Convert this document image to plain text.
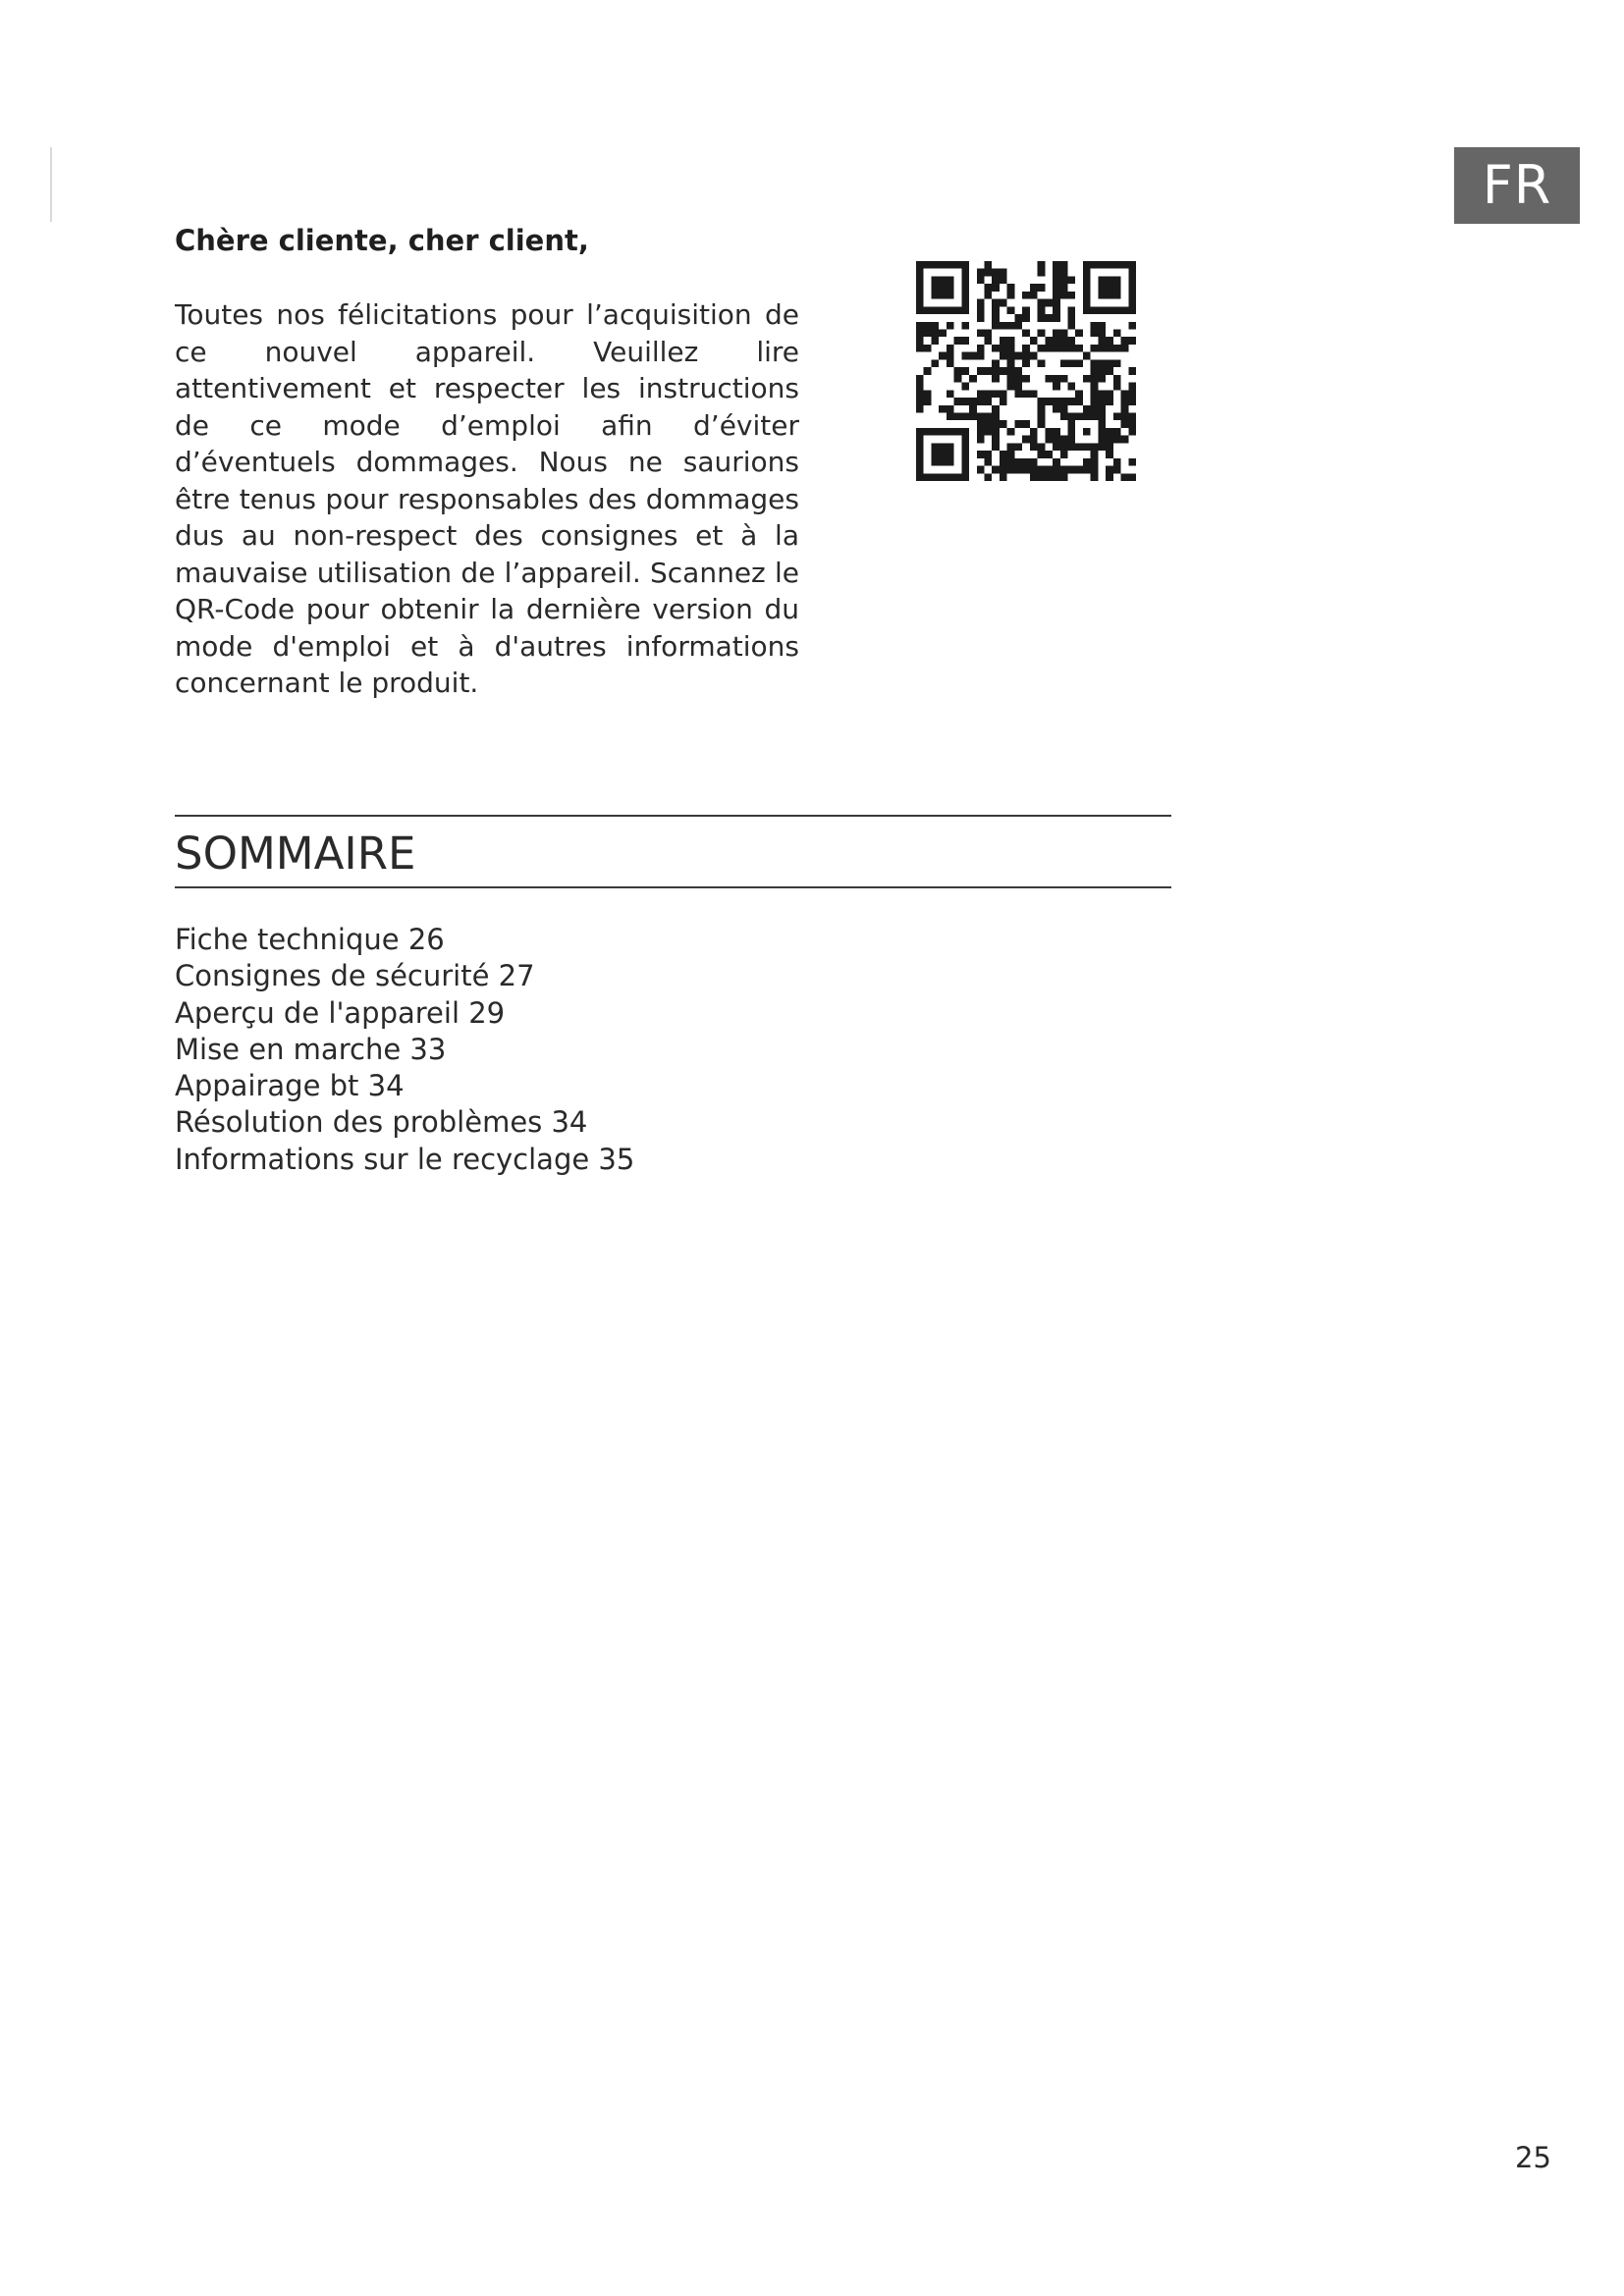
FR
Chère cliente, cher client,

Toutes nos félicitations pour l’acquisition de ce nouvel appareil. Veuillez lire attentivement et respecter les instructions de ce mode d’emploi afin d’éviter d’éventuels dommages. Nous ne saurions être tenus pour responsables des dommages dus au non-respect des consignes et à la mauvaise utilisation de l’appareil. Scannez le QR-Code pour obtenir la dernière version du mode d'emploi et à d'autres informations concernant le produit.

SOMMAIRE
Fiche technique 26
Consignes de sécurité 27
Aperçu de l'appareil 29
Mise en marche 33
Appairage bt 34
Résolution des problèmes 34
Informations sur le recyclage 35
25
